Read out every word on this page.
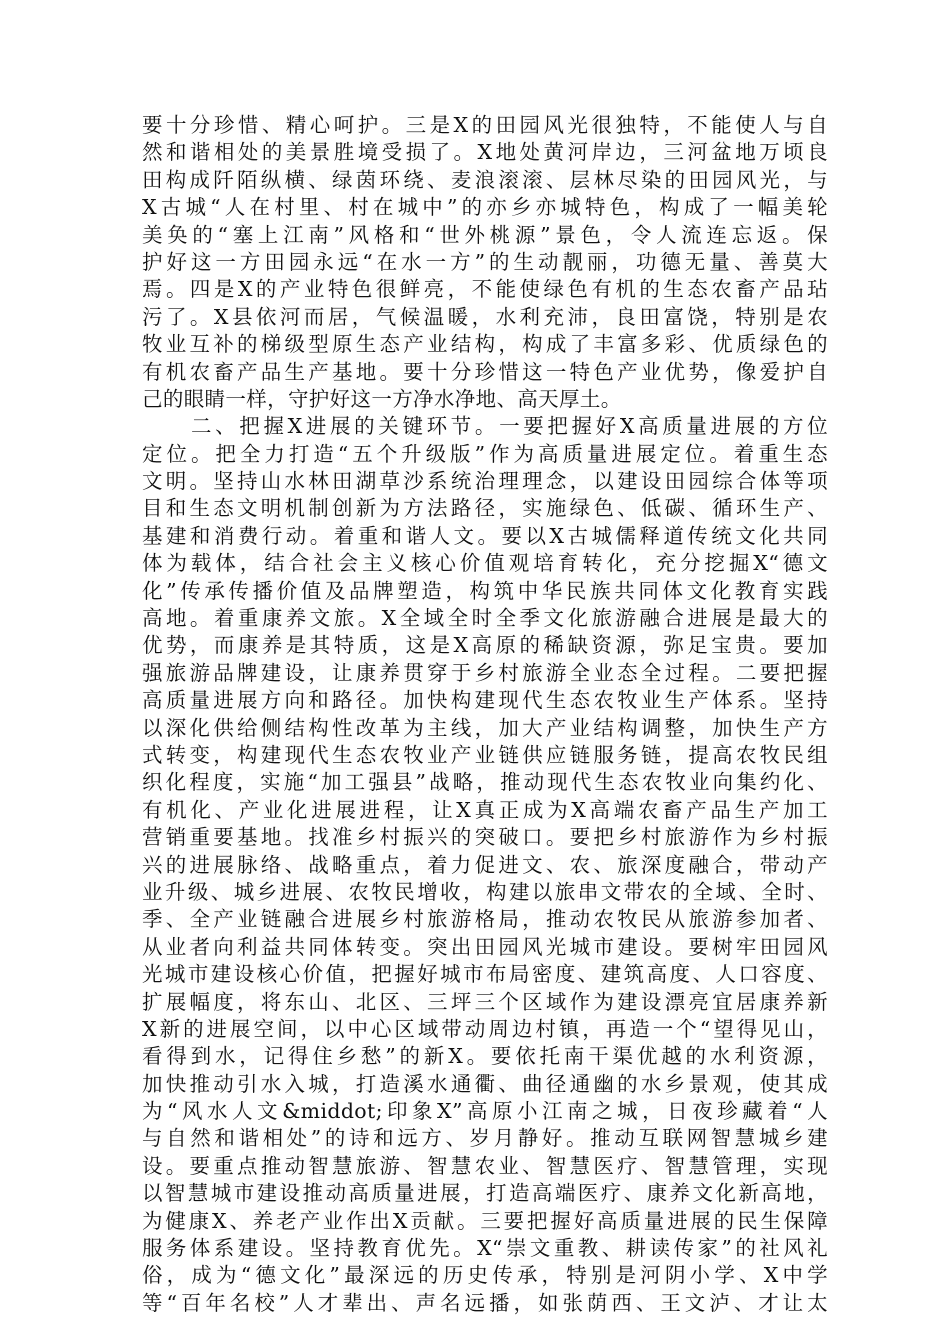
要十分珍惜、精心呵护。三是X的田园风光很独特，不能使人与自
然和谐相处的美景胜境受损了。X地处黄河岸边，三河盆地万顷良
田构成阡陌纵横、绿茵环绕、麦浪滚滚、层林尽染的田园风光，与
X古城“人在村里、村在城中”的亦乡亦城特色，构成了一幅美轮
美奂的“塞上江南”风格和“世外桃源”景色，令人流连忘返。保
护好这一方田园永远“在水一方”的生动靓丽，功德无量、善莫大
焉。四是X的产业特色很鲜亮，不能使绿色有机的生态农畜产品玷
污了。X县依河而居，气候温暖，水利充沛，良田富饶，特别是农
牧业互补的梯级型原生态产业结构，构成了丰富多彩、优质绿色的
有机农畜产品生产基地。要十分珍惜这一特色产业优势，像爱护自
己的眼睛一样，守护好这一方净水净地、高天厚土。
二、把握X进展的关键环节。一要把握好X高质量进展的方位
定位。把全力打造“五个升级版”作为高质量进展定位。着重生态
文明。坚持山水林田湖草沙系统治理理念，以建设田园综合体等项
目和生态文明机制创新为方法路径，实施绿色、低碳、循环生产、
基建和消费行动。着重和谐人文。要以X古城儒释道传统文化共同
体为载体，结合社会主义核心价值观培育转化，充分挖掘X“德文
化”传承传播价值及品牌塑造，构筑中华民族共同体文化教育实践
高地。着重康养文旅。X全域全时全季文化旅游融合进展是最大的
优势，而康养是其特质，这是X高原的稀缺资源，弥足宝贵。要加
强旅游品牌建设，让康养贯穿于乡村旅游全业态全过程。二要把握
高质量进展方向和路径。加快构建现代生态农牧业生产体系。坚持
以深化供给侧结构性改革为主线，加大产业结构调整，加快生产方
式转变，构建现代生态农牧业产业链供应链服务链，提高农牧民组
织化程度，实施“加工强县”战略，推动现代生态农牧业向集约化、
有机化、产业化进展进程，让X真正成为X高端农畜产品生产加工
营销重要基地。找准乡村振兴的突破口。要把乡村旅游作为乡村振
兴的进展脉络、战略重点，着力促进文、农、旅深度融合，带动产
业升级、城乡进展、农牧民增收，构建以旅串文带农的全域、全时、
季、全产业链融合进展乡村旅游格局，推动农牧民从旅游参加者、
从业者向利益共同体转变。突出田园风光城市建设。要树牢田园风
光城市建设核心价值，把握好城市布局密度、建筑高度、人口容度、
扩展幅度，将东山、北区、三坪三个区域作为建设漂亮宜居康养新
X新的进展空间，以中心区域带动周边村镇，再造一个“望得见山，
看得到水，记得住乡愁”的新X。要依托南干渠优越的水利资源，
加快推动引水入城，打造溪水通衢、曲径通幽的水乡景观，使其成
为“风水人文&middot;印象X”高原小江南之城，日夜珍藏着“人
与自然和谐相处”的诗和远方、岁月静好。推动互联网智慧城乡建
设。要重点推动智慧旅游、智慧农业、智慧医疗、智慧管理，实现
以智慧城市建设推动高质量进展，打造高端医疗、康养文化新高地，
为健康X、养老产业作出X贡献。三要把握好高质量进展的民生保障
服务体系建设。坚持教育优先。X“崇文重教、耕读传家”的社风礼
俗，成为“德文化”最深远的历史传承，特别是河阴小学、X中学
等“百年名校”人才辈出、声名远播，如张荫西、王文泸、才让太
